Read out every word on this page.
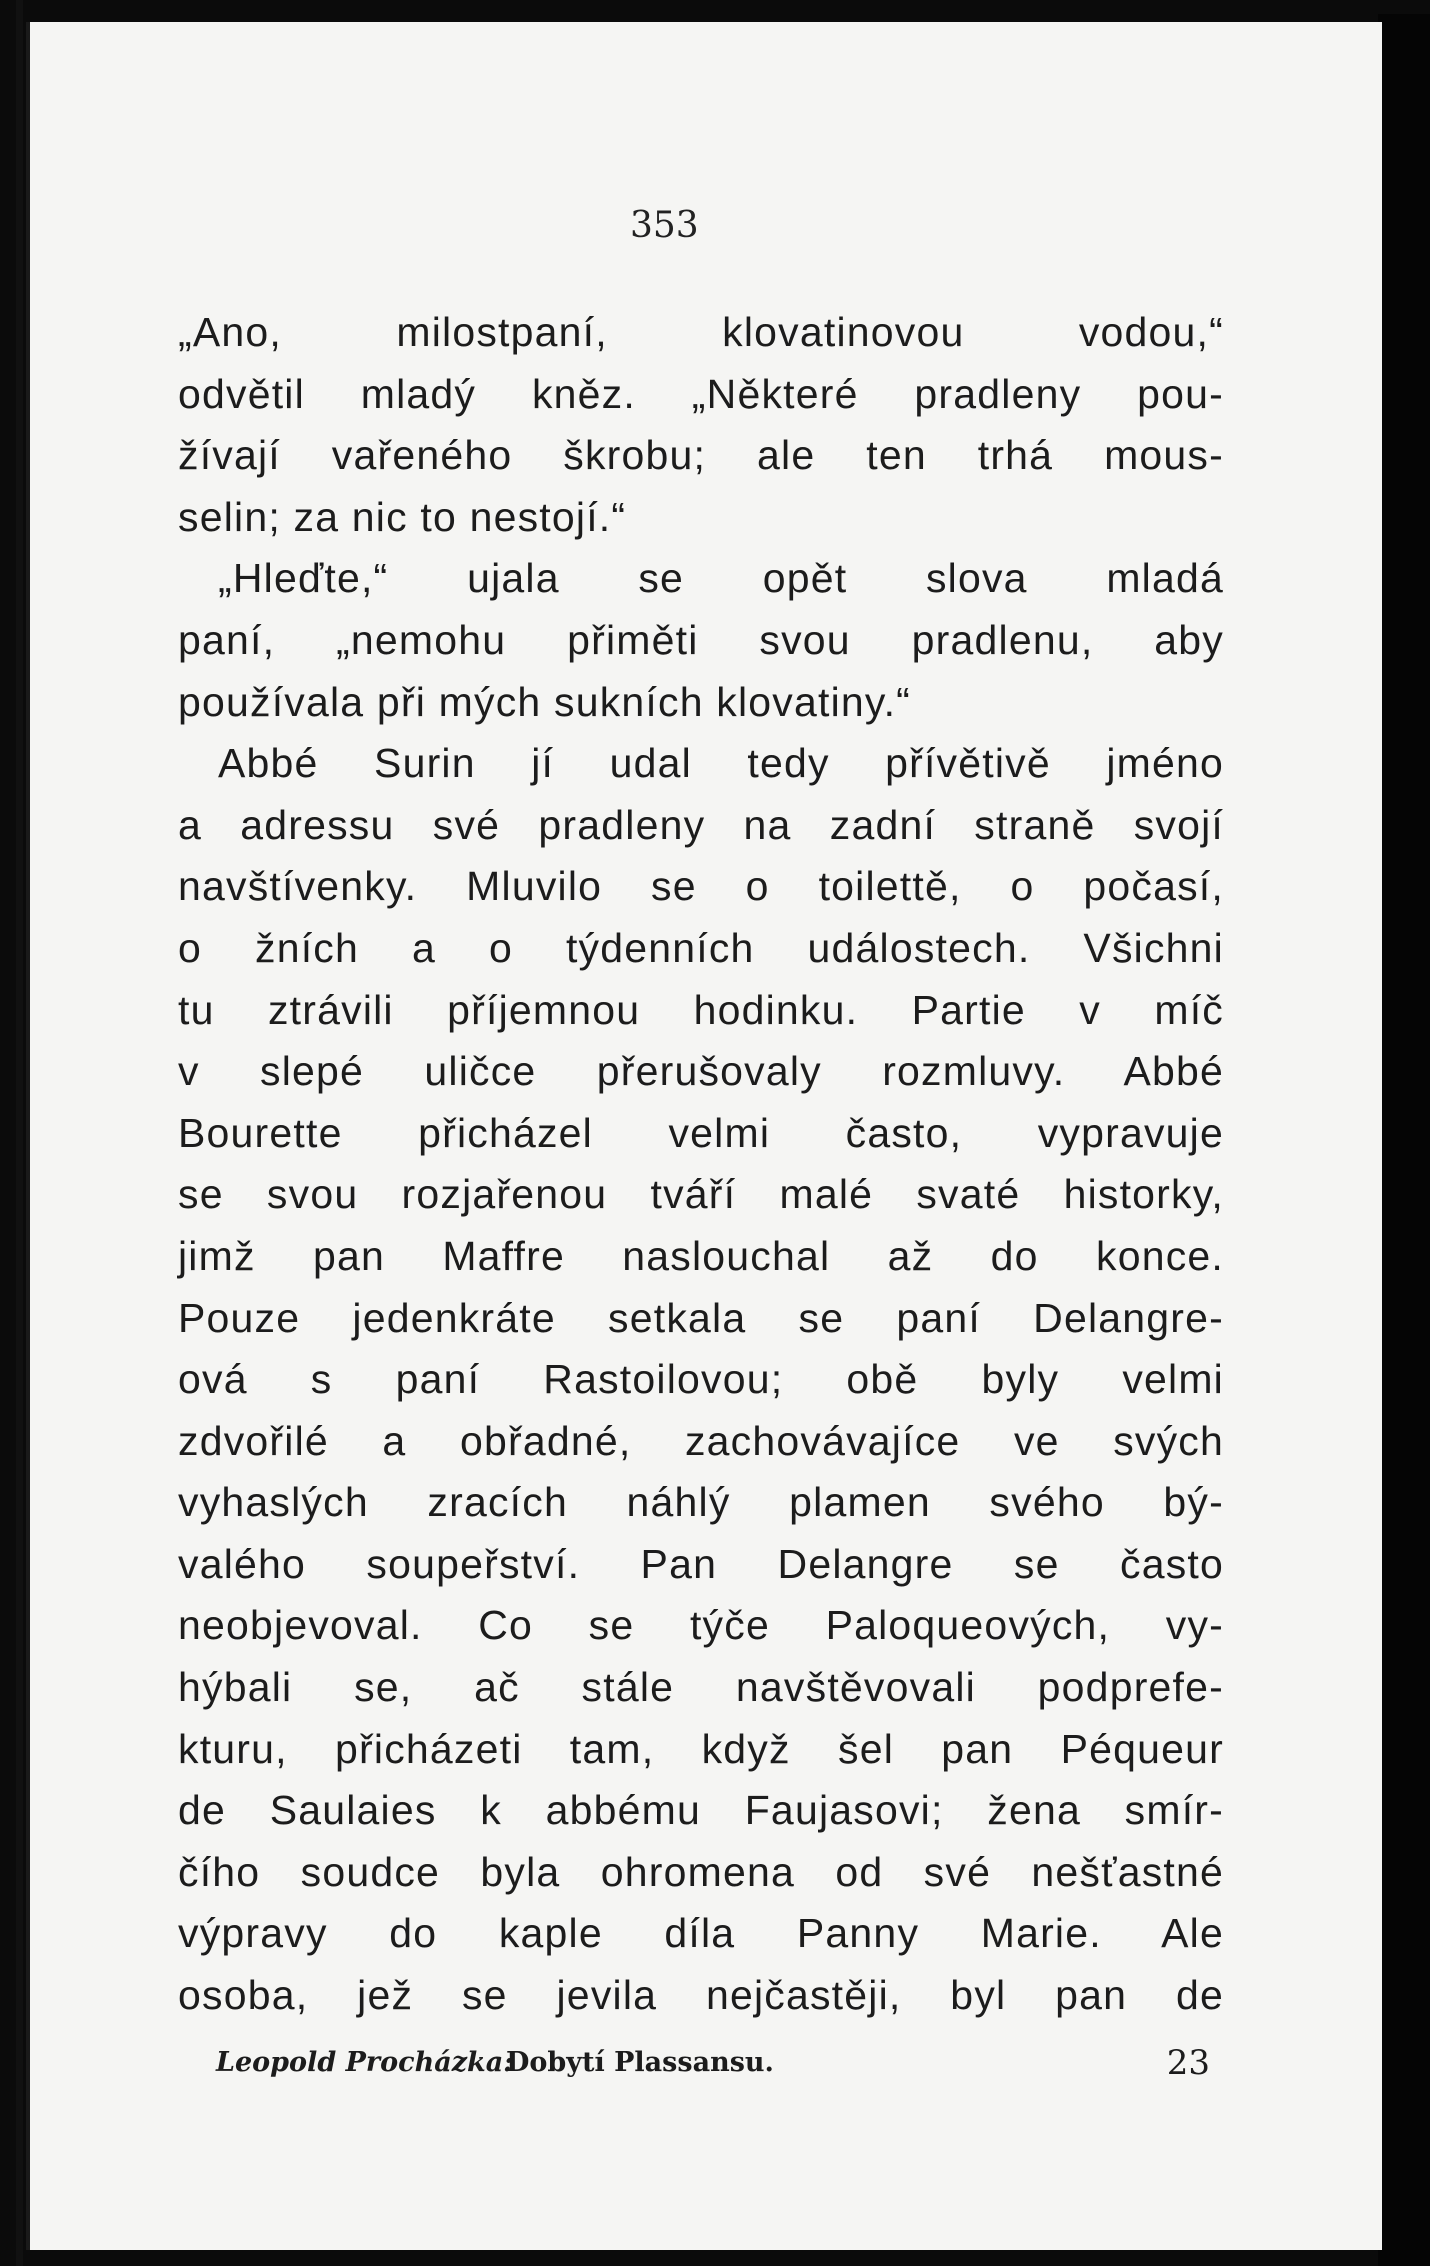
353
„Ano, milostpaní, klovatinovou vodou,“
odvětil mladý kněz. „Některé pradleny pou-
žívají vařeného škrobu; ale ten trhá mous-
selin; za nic to nestojí.“
„Hleďte,“ ujala se opět slova mladá
paní, „nemohu přiměti svou pradlenu, aby
používala při mých sukních klovatiny.“
Abbé Surin jí udal tedy přívětivě jméno
a adressu své pradleny na zadní straně svojí
navštívenky. Mluvilo se o toilettě, o počasí,
o žních a o týdenních událostech. Všichni
tu ztrávili příjemnou hodinku. Partie v míč
v slepé uličce přerušovaly rozmluvy. Abbé
Bourette přicházel velmi často, vypravuje
se svou rozjařenou tváří malé svaté historky,
jimž pan Maffre naslouchal až do konce.
Pouze jedenkráte setkala se paní Delangre-
ová s paní Rastoilovou; obě byly velmi
zdvořilé a obřadné, zachovávajíce ve svých
vyhaslých zracích náhlý plamen svého bý-
valého soupeřství. Pan Delangre se často
neobjevoval. Co se týče Paloqueových, vy-
hýbali se, ač stále navštěvovali podprefe-
kturu, přicházeti tam, když šel pan Péqueur
de Saulaies k abbému Faujasovi; žena smír-
čího soudce byla ohromena od své nešťastné
výpravy do kaple díla Panny Marie. Ale
osoba, jež se jevila nejčastěji, byl pan de
Leopold Procházka:
Dobytí Plassansu.	23
